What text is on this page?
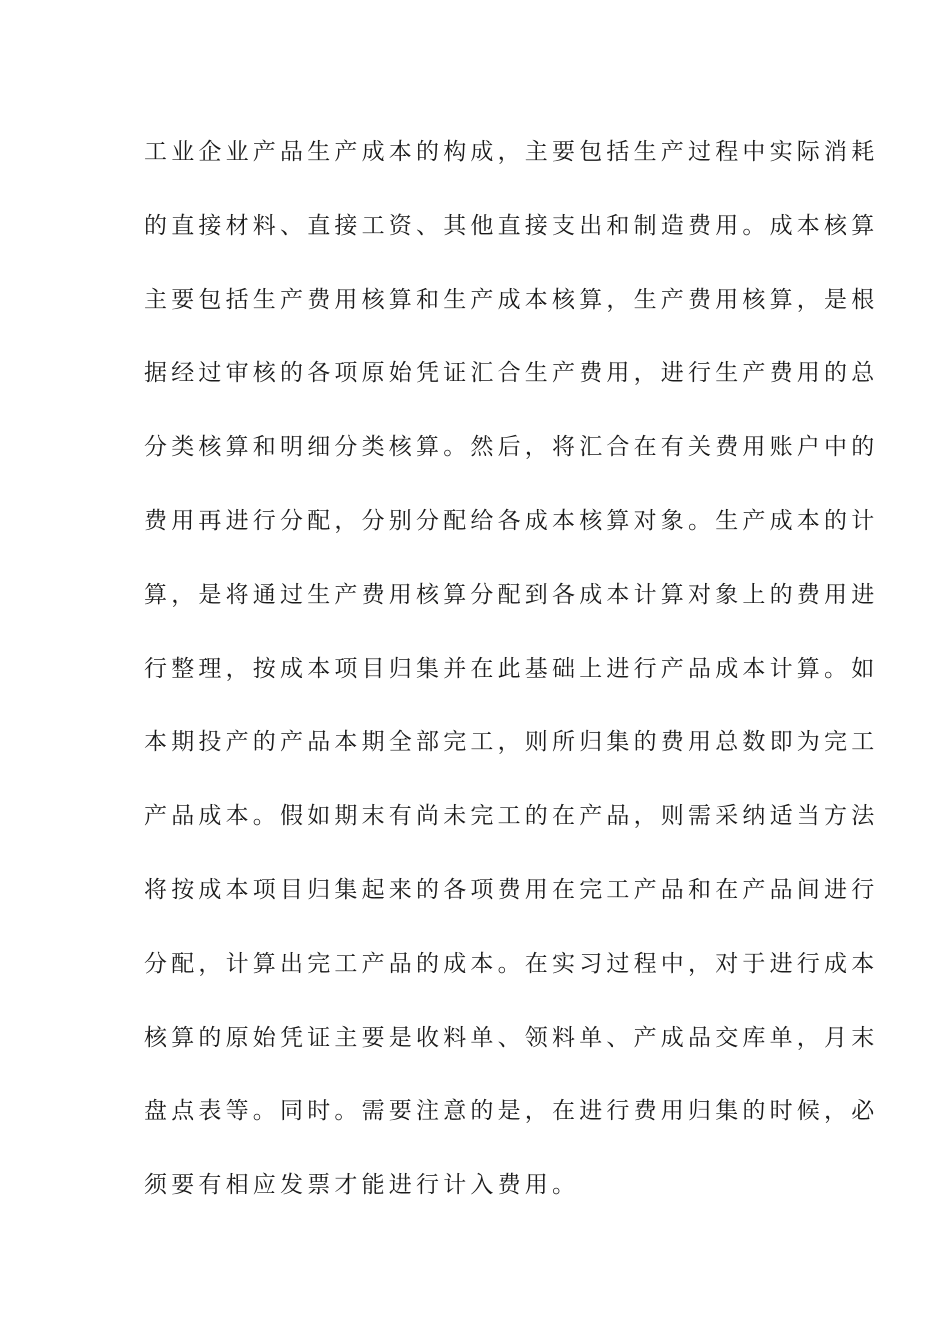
工业企业产品生产成本的构成，主要包括生产过程中实际消耗
的直接材料、直接工资、其他直接支出和制造费用。成本核算
主要包括生产费用核算和生产成本核算，生产费用核算，是根
据经过审核的各项原始凭证汇合生产费用，进行生产费用的总
分类核算和明细分类核算。然后，将汇合在有关费用账户中的
费用再进行分配，分别分配给各成本核算对象。生产成本的计
算，是将通过生产费用核算分配到各成本计算对象上的费用进
行整理，按成本项目归集并在此基础上进行产品成本计算。如
本期投产的产品本期全部完工，则所归集的费用总数即为完工
产品成本。假如期末有尚未完工的在产品，则需采纳适当方法
将按成本项目归集起来的各项费用在完工产品和在产品间进行
分配，计算出完工产品的成本。在实习过程中，对于进行成本
核算的原始凭证主要是收料单、领料单、产成品交库单，月末
盘点表等。同时。需要注意的是，在进行费用归集的时候，必
须要有相应发票才能进行计入费用。
